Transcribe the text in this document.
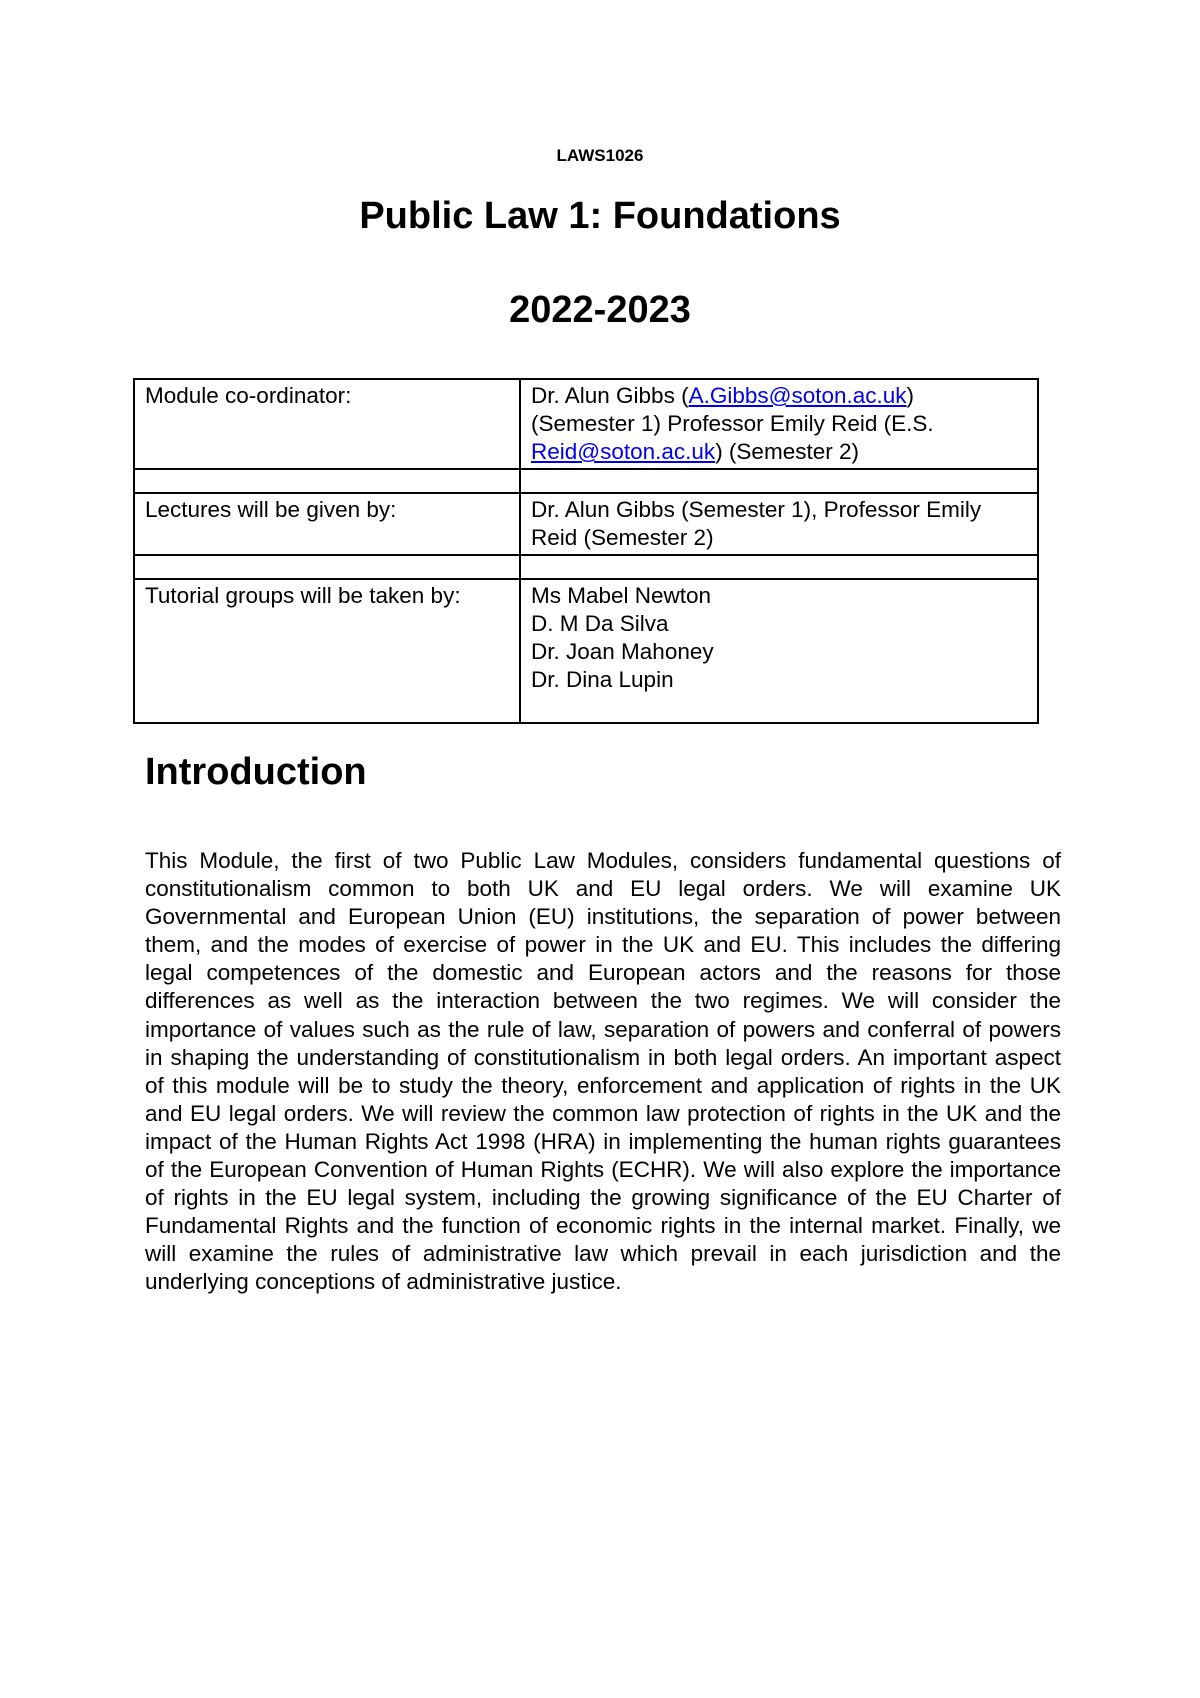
LAWS1026
Public Law 1: Foundations
2022-2023
Module co-ordinator:	Dr. Alun Gibbs (A.Gibbs@soton.ac.uk)
(Semester 1) Professor Emily Reid (E.S.
Reid@soton.ac.uk) (Semester 2)

Lectures will be given by:	Dr. Alun Gibbs (Semester 1), Professor Emily
Reid (Semester 2)

Tutorial groups will be taken by:	Ms Mabel Newton
D. M Da Silva
Dr. Joan Mahoney
Dr. Dina Lupin
Introduction
This Module, the first of two Public Law Modules, considers fundamental questions of constitutionalism common to both UK and EU legal orders. We will examine UK Governmental and European Union (EU) institutions, the separation of power between them, and the modes of exercise of power in the UK and EU. This includes the differing legal competences of the domestic and European actors and the reasons for those differences as well as the interaction between the two regimes. We will consider the importance of values such as the rule of law, separation of powers and conferral of powers in shaping the understanding of constitutionalism in both legal orders. An important aspect of this module will be to study the theory, enforcement and application of rights in the UK and EU legal orders. We will review the common law protection of rights in the UK and the impact of the Human Rights Act 1998 (HRA) in implementing the human rights guarantees of the European Convention of Human Rights (ECHR). We will also explore the importance of rights in the EU legal system, including the growing significance of the EU Charter of Fundamental Rights and the function of economic rights in the internal market. Finally, we will examine the rules of administrative law which prevail in each jurisdiction and the underlying conceptions of administrative justice.
